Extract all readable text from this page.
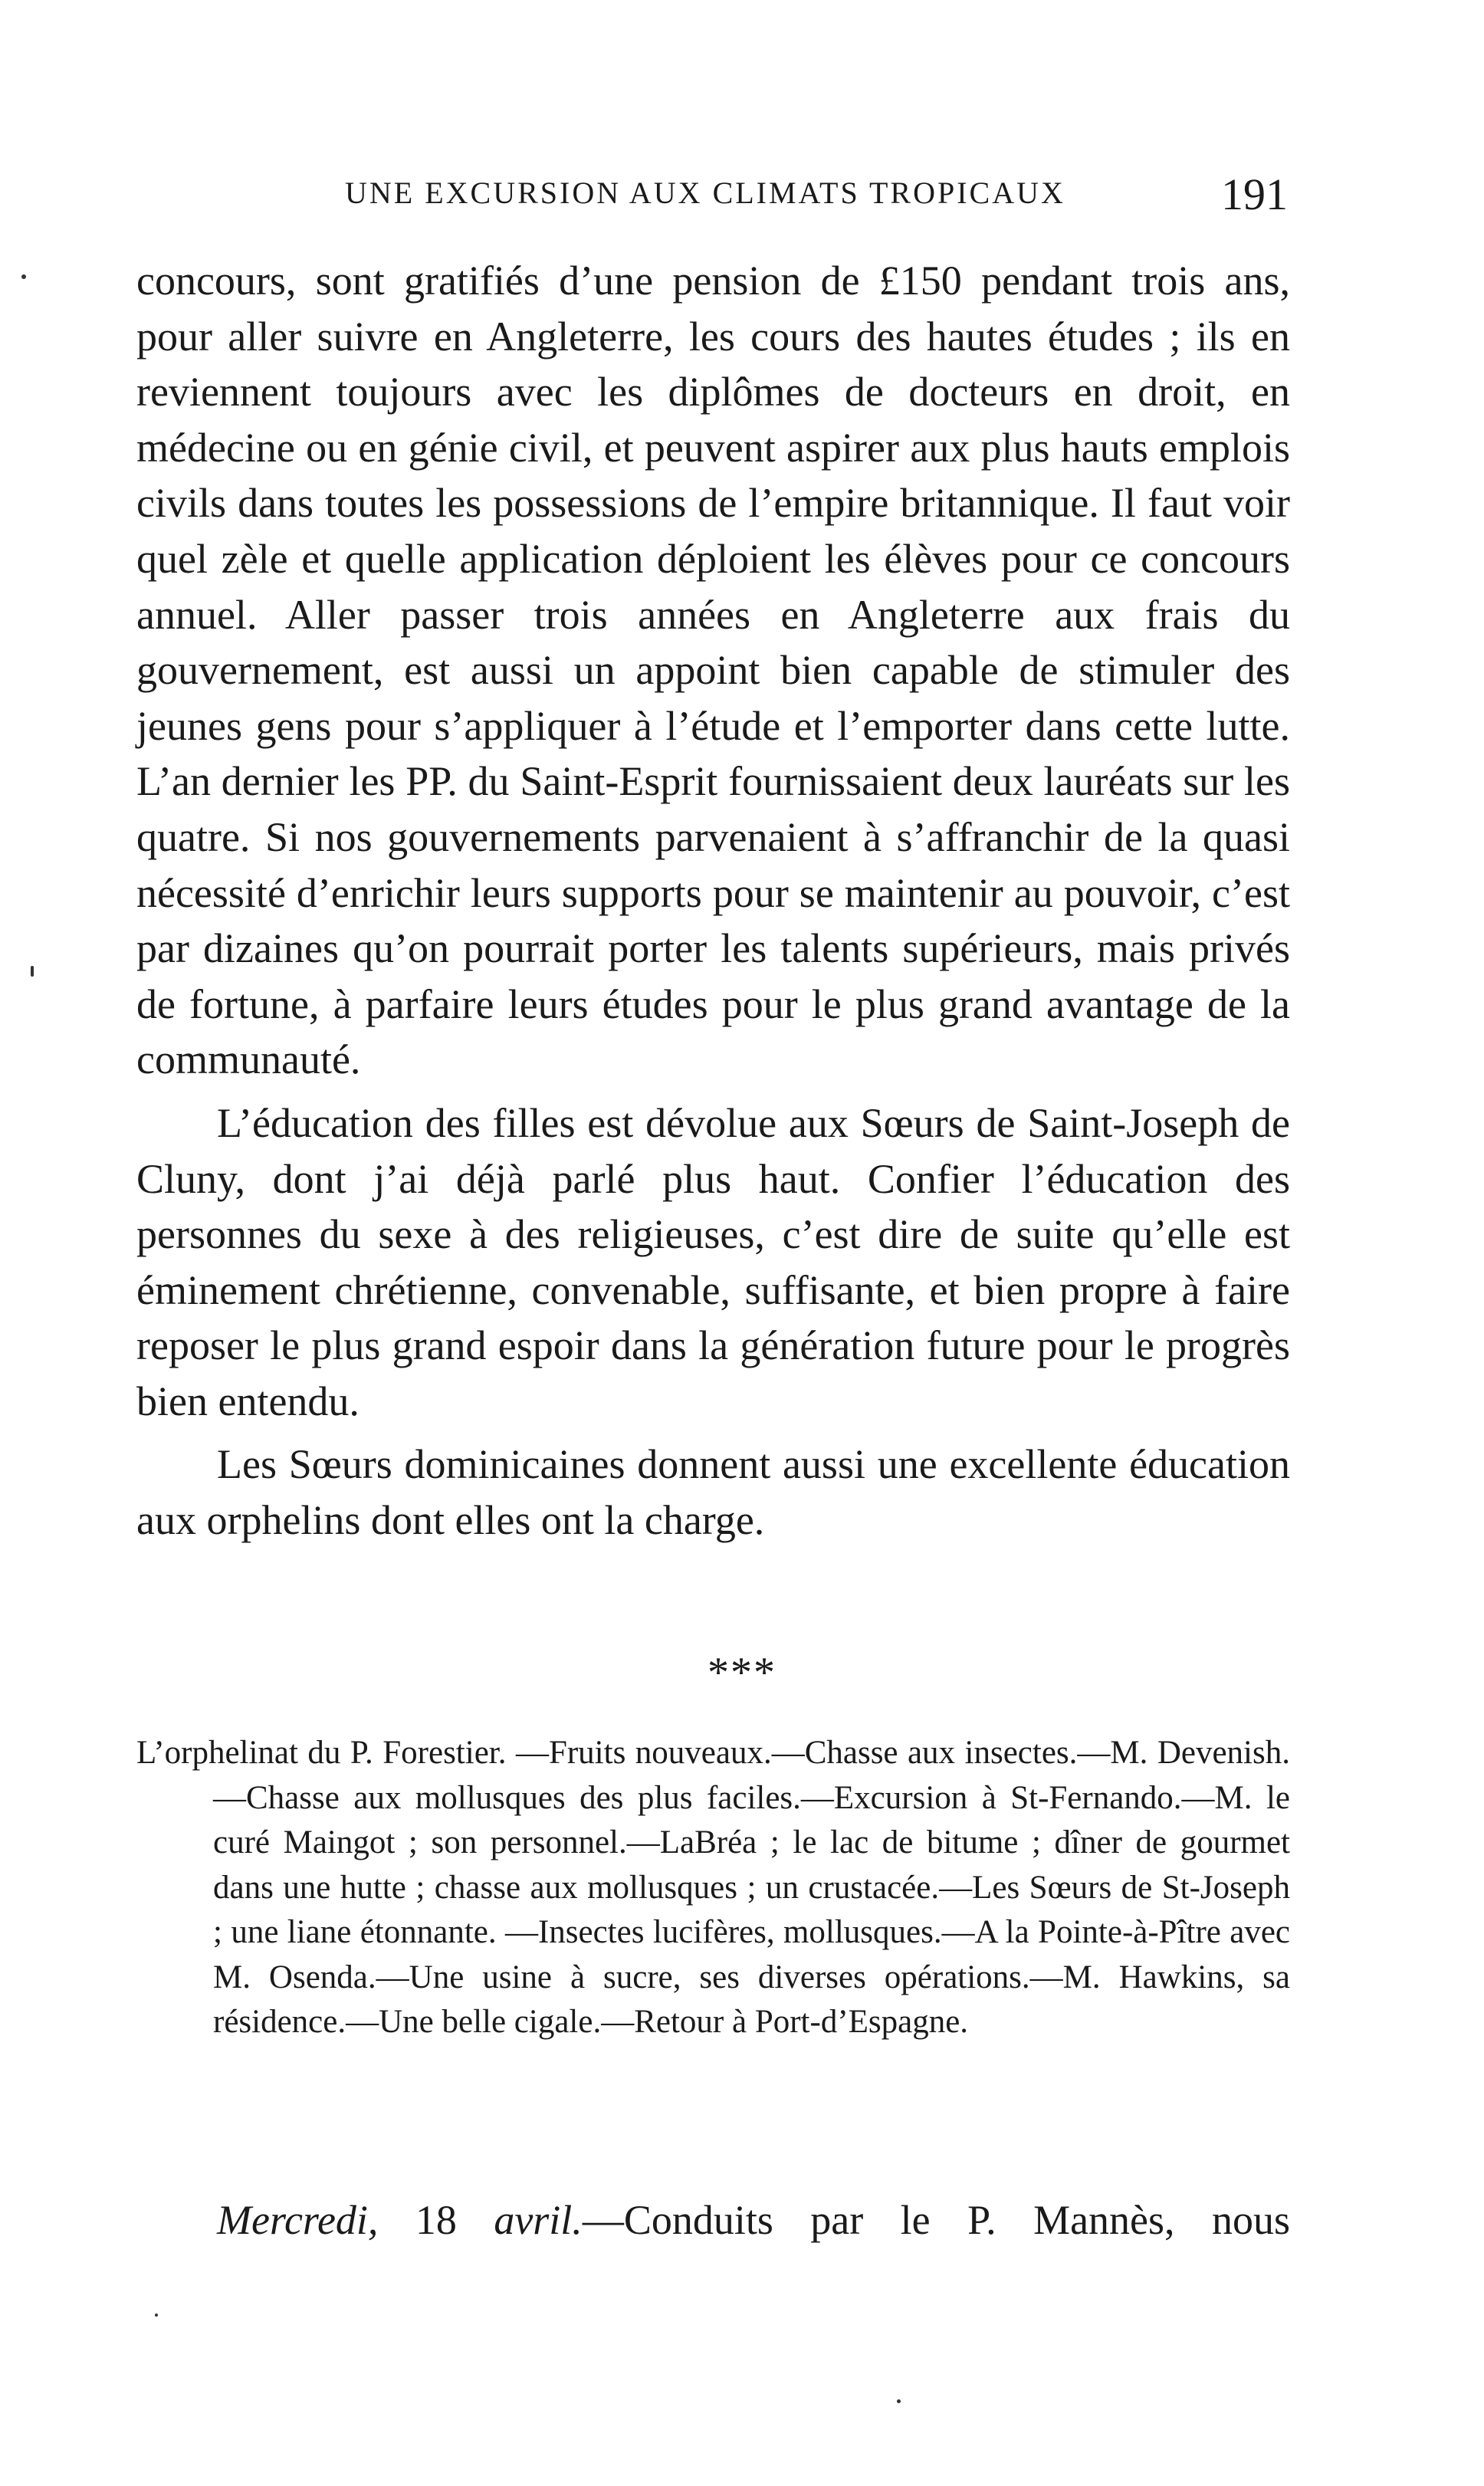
UNE EXCURSION AUX CLIMATS TROPICAUX	191

concours, sont gratifiés d’une pension de £150 pendant trois ans, pour aller suivre en Angleterre, les cours des hautes études ; ils en reviennent toujours avec les diplômes de docteurs en droit, en médecine ou en génie civil, et peuvent aspirer aux plus hauts emplois civils dans toutes les possessions de l’empire britannique. Il faut voir quel zèle et quelle application déploient les élèves pour ce concours annuel. Aller passer trois années en Angleterre aux frais du gouvernement, est aussi un appoint bien capable de stimuler des jeunes gens pour s’appliquer à l’étude et l’emporter dans cette lutte. L’an dernier les PP. du Saint-Esprit fournissaient deux lauréats sur les quatre. Si nos gouvernements parvenaient à s’affranchir de la quasi nécessité d’enrichir leurs supports pour se maintenir au pouvoir, c’est par dizaines qu’on pourrait porter les talents supérieurs, mais privés de fortune, à parfaire leurs études pour le plus grand avantage de la communauté.

L’éducation des filles est dévolue aux Sœurs de Saint-Joseph de Cluny, dont j’ai déjà parlé plus haut. Confier l’éducation des personnes du sexe à des religieuses, c’est dire de suite qu’elle est éminement chrétienne, convenable, suffisante, et bien propre à faire reposer le plus grand espoir dans la génération future pour le progrès bien entendu.

Les Sœurs dominicaines donnent aussi une excellente éducation aux orphelins dont elles ont la charge.

***
L’orphelinat du P. Forestier. —Fruits nouveaux.—Chasse aux insectes.—M. Devenish.—Chasse aux mollusques des plus faciles.—Excursion à St-Fernando.—M. le curé Maingot ; son personnel.—LaBréa ; le lac de bitume ; dîner de gourmet dans une hutte ; chasse aux mollusques ; un crustacée.—Les Sœurs de St-Joseph ; une liane étonnante. —Insectes lucifères, mollusques.—A la Pointe-à-Pître avec M. Osenda.—Une usine à sucre, ses diverses opérations.—M. Hawkins, sa résidence.—Une belle cigale.—Retour à Port-d’Espagne.
Mercredi, 18 avril.—Conduits par le P. Mannès, nous
